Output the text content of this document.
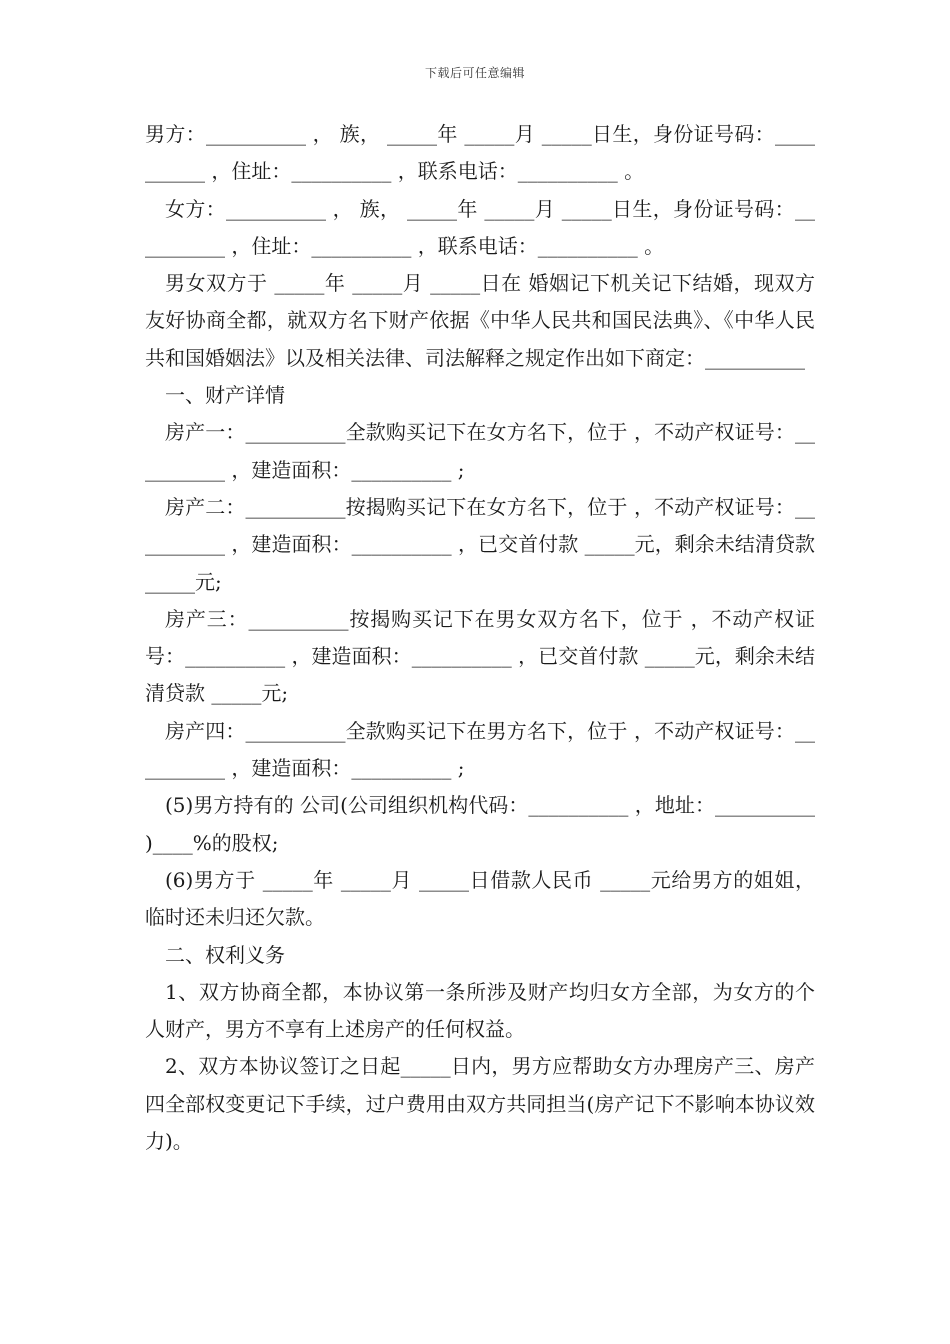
下载后可任意编辑

男方：__________ ， 族， _____年 _____月 _____日生，身份证号码：__________ ，住址：__________ ，联系电话：__________ 。

女方：__________ ， 族， _____年 _____月 _____日生，身份证号码：__________ ，住址：__________ ，联系电话：__________ 。

男女双方于 _____年 _____月 _____日在 婚姻记下机关记下结婚，现双方友好协商全都，就双方名下财产依据《中华人民共和国民法典》、《中华人民共和国婚姻法》以及相关法律、司法解释之规定作出如下商定：__________

一、财产详情

房产一：__________全款购买记下在女方名下，位于 ，不动产权证号：__________ ，建造面积：__________ ;

房产二：__________按揭购买记下在女方名下，位于 ，不动产权证号：__________ ，建造面积：__________ ，已交首付款 _____元，剩余未结清贷款 _____元;

房产三：__________按揭购买记下在男女双方名下，位于 ，不动产权证号：__________ ，建造面积：__________ ，已交首付款 _____元，剩余未结清贷款 _____元;

房产四：__________全款购买记下在男方名下，位于 ，不动产权证号：__________ ，建造面积：__________ ;

(5)男方持有的 公司(公司组织机构代码：__________ ，地址：__________ )____%的股权;

(6)男方于 _____年 _____月 _____日借款人民币 _____元给男方的姐姐， 临时还未归还欠款。

二、权利义务

1、双方协商全都，本协议第一条所涉及财产均归女方全部，为女方的个人财产，男方不享有上述房产的任何权益。

2、双方本协议签订之日起_____日内，男方应帮助女方办理房产三、房产四全部权变更记下手续，过户费用由双方共同担当(房产记下不影响本协议效力)。
